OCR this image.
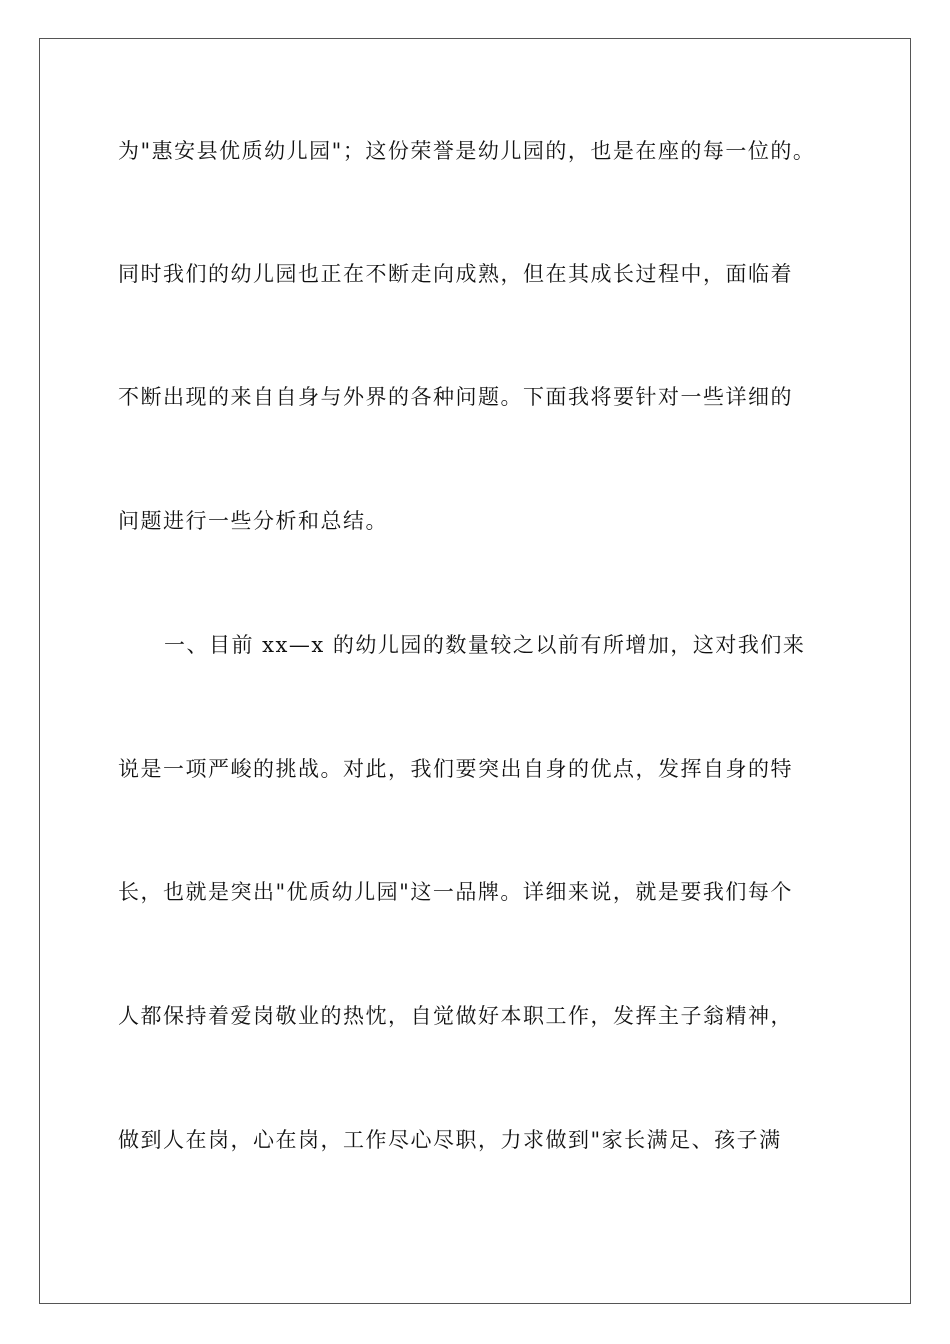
为"惠安县优质幼儿园"；这份荣誉是幼儿园的，也是在座的每一位的。
同时我们的幼儿园也正在不断走向成熟，但在其成长过程中，面临着
不断出现的来自自身与外界的各种问题。下面我将要针对一些详细的
问题进行一些分析和总结。
一、目前 xx—x 的幼儿园的数量较之以前有所增加，这对我们来
说是一项严峻的挑战。对此，我们要突出自身的优点，发挥自身的特
长，也就是突出"优质幼儿园"这一品牌。详细来说，就是要我们每个
人都保持着爱岗敬业的热忱，自觉做好本职工作，发挥主子翁精神，
做到人在岗，心在岗，工作尽心尽职，力求做到"家长满足、孩子满
